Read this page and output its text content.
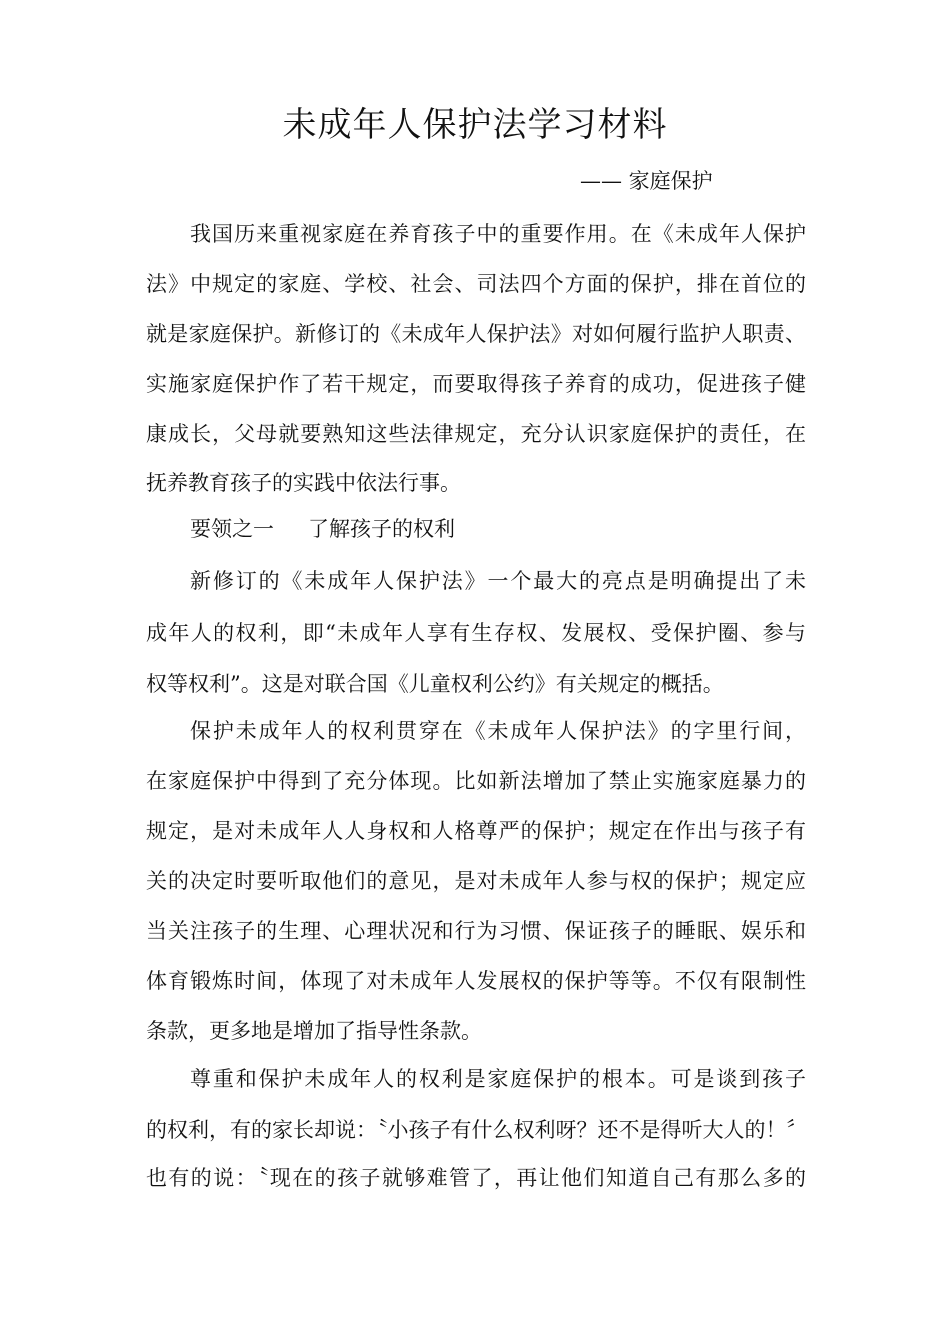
未成年人保护法学习材料

—— 家庭保护

我国历来重视家庭在养育孩子中的重要作用。在《未成年人保护

法》中规定的家庭、学校、社会、司法四个方面的保护，排在首位的

就是家庭保护。新修订的《未成年人保护法》对如何履行监护人职责、

实施家庭保护作了若干规定，而要取得孩子养育的成功，促进孩子健

康成长，父母就要熟知这些法律规定，充分认识家庭保护的责任，在

抚养教育孩子的实践中依法行事。

要领之一 了解孩子的权利

新修订的《未成年人保护法》一个最大的亮点是明确提出了未

成年人的权利，即“未成年人享有生存权、发展权、受保护圈、参与

权等权利”。这是对联合国《儿童权利公约》有关规定的概括。

保护未成年人的权利贯穿在《未成年人保护法》的字里行间，

在家庭保护中得到了充分体现。比如新法增加了禁止实施家庭暴力的

规定，是对未成年人人身权和人格尊严的保护；规定在作出与孩子有

关的决定时要听取他们的意见，是对未成年人参与权的保护；规定应

当关注孩子的生理、心理状况和行为习惯、保证孩子的睡眠、娱乐和

体育锻炼时间，体现了对未成年人发展权的保护等等。不仅有限制性

条款，更多地是增加了指导性条款。

尊重和保护未成年人的权利是家庭保护的根本。可是谈到孩子

的权利，有的家长却说：〝小孩子有什么权利呀？还不是得听大人的！〞

也有的说：〝现在的孩子就够难管了，再让他们知道自己有那么多的
